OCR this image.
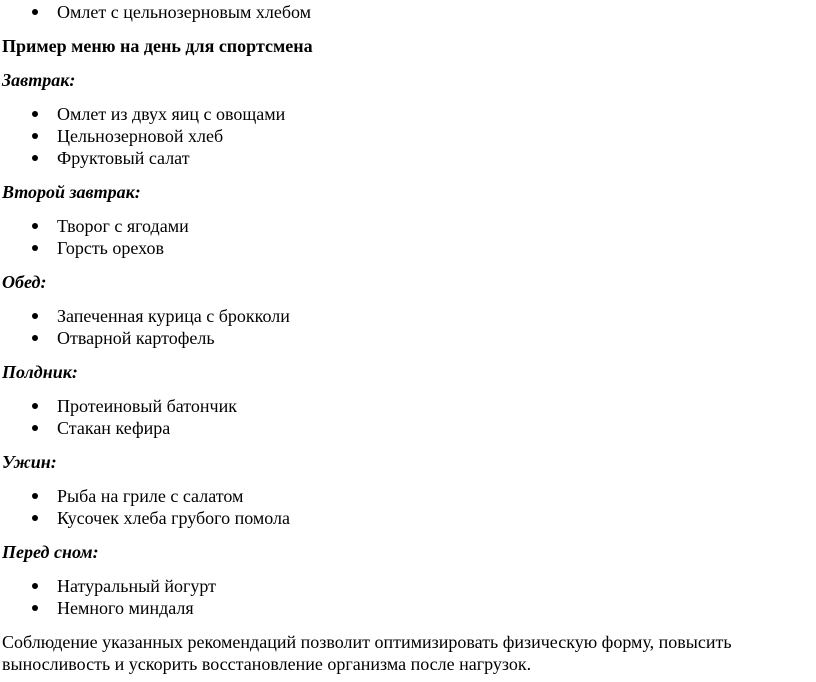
Омлет с цельнозерновым хлебом

Пример меню на день для спортсмена

Завтрак:

Омлет из двух яиц с овощами
Цельнозерновой хлеб
Фруктовый салат

Второй завтрак:

Творог с ягодами
Горсть орехов

Обед:

Запеченная курица с брокколи
Отварной картофель

Полдник:

Протеиновый батончик
Стакан кефира

Ужин:

Рыба на гриле с салатом
Кусочек хлеба грубого помола

Перед сном:

Натуральный йогурт
Немного миндаля

Соблюдение указанных рекомендаций позволит оптимизировать физическую форму, повысить выносливость и ускорить восстановление организма после нагрузок.
